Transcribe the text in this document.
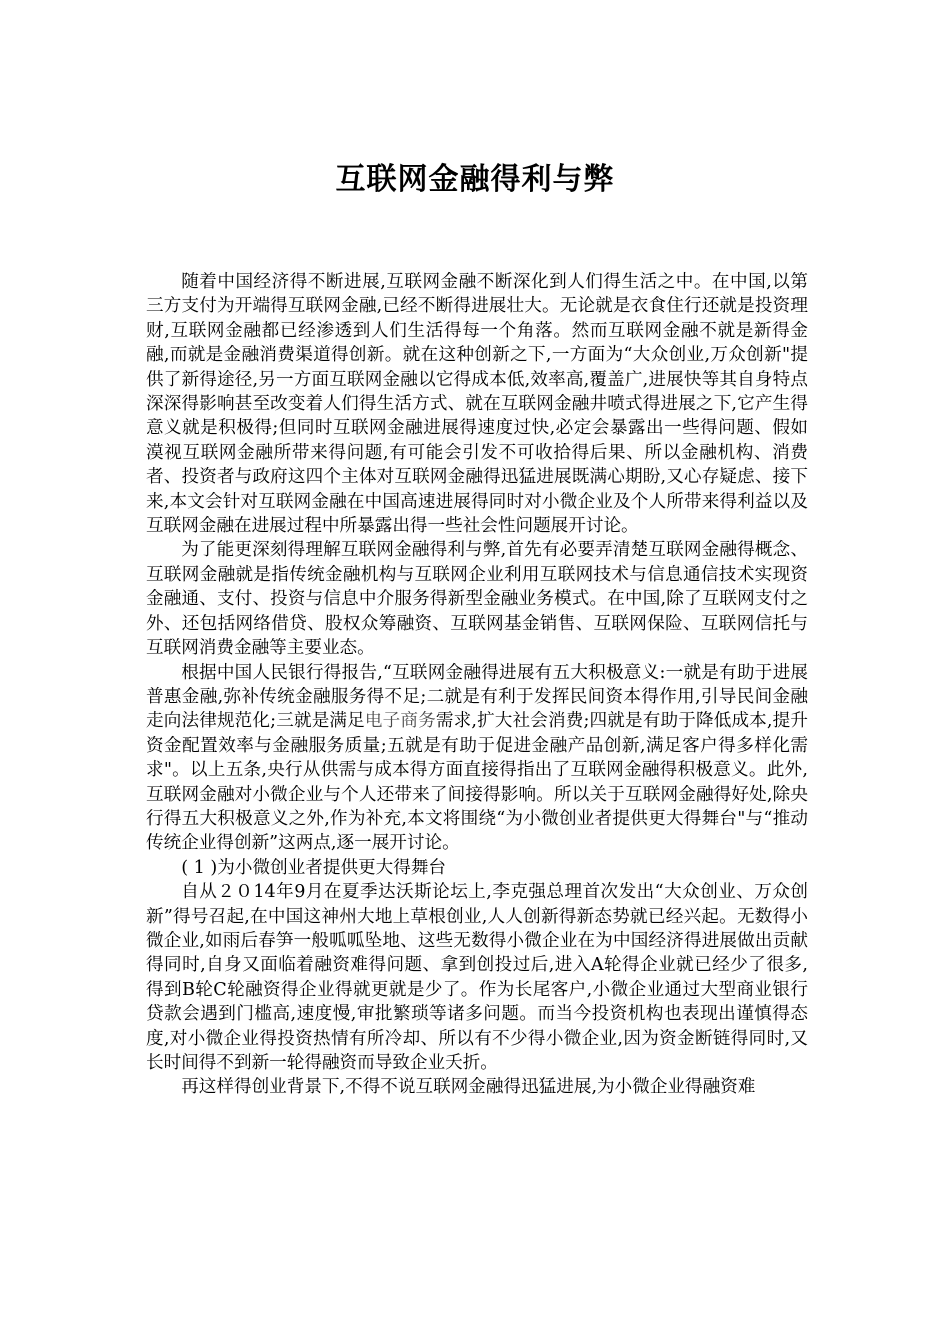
互联网金融得利与弊

随着中国经济得不断进展,互联网金融不断深化到人们得生活之中。在中国,以第三方支付为开端得互联网金融,已经不断得进展壮大。无论就是衣食住行还就是投资理财,互联网金融都已经渗透到人们生活得每一个角落。然而互联网金融不就是新得金融,而就是金融消费渠道得创新。就在这种创新之下,一方面为“大众创业,万众创新"提供了新得途径,另一方面互联网金融以它得成本低,效率高,覆盖广,进展快等其自身特点深深得影响甚至改变着人们得生活方式、就在互联网金融井喷式得进展之下,它产生得意义就是积极得;但同时互联网金融进展得速度过快,必定会暴露出一些得问题、假如漠视互联网金融所带来得问题,有可能会引发不可收拾得后果、所以金融机构、消费者、投资者与政府这四个主体对互联网金融得迅猛进展既满心期盼,又心存疑虑、接下来,本文会针对互联网金融在中国高速进展得同时对小微企业及个人所带来得利益以及互联网金融在进展过程中所暴露出得一些社会性问题展开讨论。

为了能更深刻得理解互联网金融得利与弊,首先有必要弄清楚互联网金融得概念、互联网金融就是指传统金融机构与互联网企业利用互联网技术与信息通信技术实现资金融通、支付、投资与信息中介服务得新型金融业务模式。在中国,除了互联网支付之外、还包括网络借贷、股权众筹融资、互联网基金销售、互联网保险、互联网信托与互联网消费金融等主要业态。

根据中国人民银行得报告,“互联网金融得进展有五大积极意义:一就是有助于进展普惠金融,弥补传统金融服务得不足;二就是有利于发挥民间资本得作用,引导民间金融走向法律规范化;三就是满足电子商务需求,扩大社会消费;四就是有助于降低成本,提升资金配置效率与金融服务质量;五就是有助于促进金融产品创新,满足客户得多样化需求"。以上五条,央行从供需与成本得方面直接得指出了互联网金融得积极意义。此外,互联网金融对小微企业与个人还带来了间接得影响。所以关于互联网金融得好处,除央行得五大积极意义之外,作为补充,本文将围绕“为小微创业者提供更大得舞台"与“推动传统企业得创新”这两点,逐一展开讨论。

( 1 )为小微创业者提供更大得舞台

自从２０14年9月在夏季达沃斯论坛上,李克强总理首次发出“大众创业、万众创新”得号召起,在中国这神州大地上草根创业,人人创新得新态势就已经兴起。无数得小微企业,如雨后春笋一般呱呱坠地、这些无数得小微企业在为中国经济得进展做出贡献得同时,自身又面临着融资难得问题、拿到创投过后,进入A轮得企业就已经少了很多,得到B轮C轮融资得企业得就更就是少了。作为长尾客户,小微企业通过大型商业银行贷款会遇到门槛高,速度慢,审批繁琐等诸多问题。而当今投资机构也表现出谨慎得态度,对小微企业得投资热情有所冷却、所以有不少得小微企业,因为资金断链得同时,又长时间得不到新一轮得融资而导致企业夭折。

再这样得创业背景下,不得不说互联网金融得迅猛进展,为小微企业得融资难
